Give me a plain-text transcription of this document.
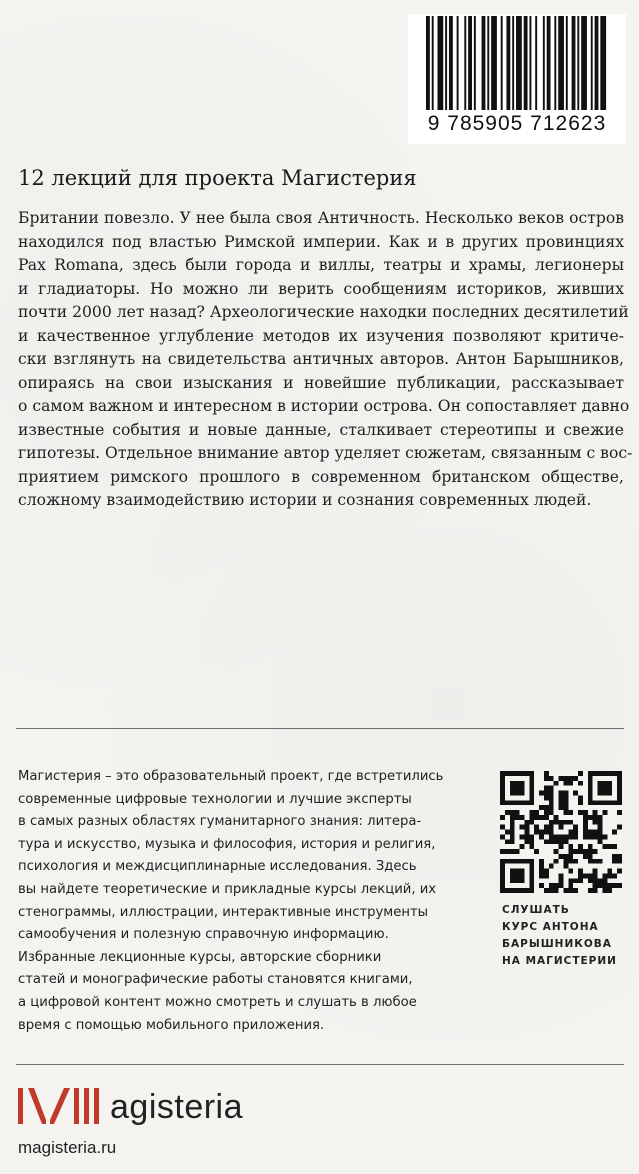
9 785905 712623
12 лекций для проекта Магистерия
Британии повезло. У нее была своя Античность. Несколько веков остров
находился под властью Римской империи. Как и в других провинциях
Pax Romana, здесь были города и виллы, театры и храмы, легионеры
и гладиаторы. Но можно ли верить сообщениям историков, живших
почти 2000 лет назад? Археологические находки последних десятилетий
и качественное углубление методов их изучения позволяют критиче-
ски взглянуть на свидетельства античных авторов. Антон Барышников,
опираясь на свои изыскания и новейшие публикации, рассказывает
о самом важном и интересном в истории острова. Он сопоставляет давно
известные события и новые данные, сталкивает стереотипы и свежие
гипотезы. Отдельное внимание автор уделяет сюжетам, связанным с вос-
приятием римского прошлого в современном британском обществе,
сложному взаимодействию истории и сознания современных людей.
Магистерия – это образовательный проект, где встретились
современные цифровые технологии и лучшие эксперты
в самых разных областях гуманитарного знания: литера-
тура и искусство, музыка и философия, история и религия,
психология и междисциплинарные исследования. Здесь
вы найдете теоретические и прикладные курсы лекций, их
стенограммы, иллюстрации, интерактивные инструменты
самообучения и полезную справочную информацию.
Избранные лекционные курсы, авторские сборники
статей и монографические работы становятся книгами,
а цифровой контент можно смотреть и слушать в любое
время с помощью мобильного приложения.
СЛУШАТЬ
КУРС АНТОНА
БАРЫШНИКОВА
НА МАГИСТЕРИИ
agisteria
magisteria.ru
